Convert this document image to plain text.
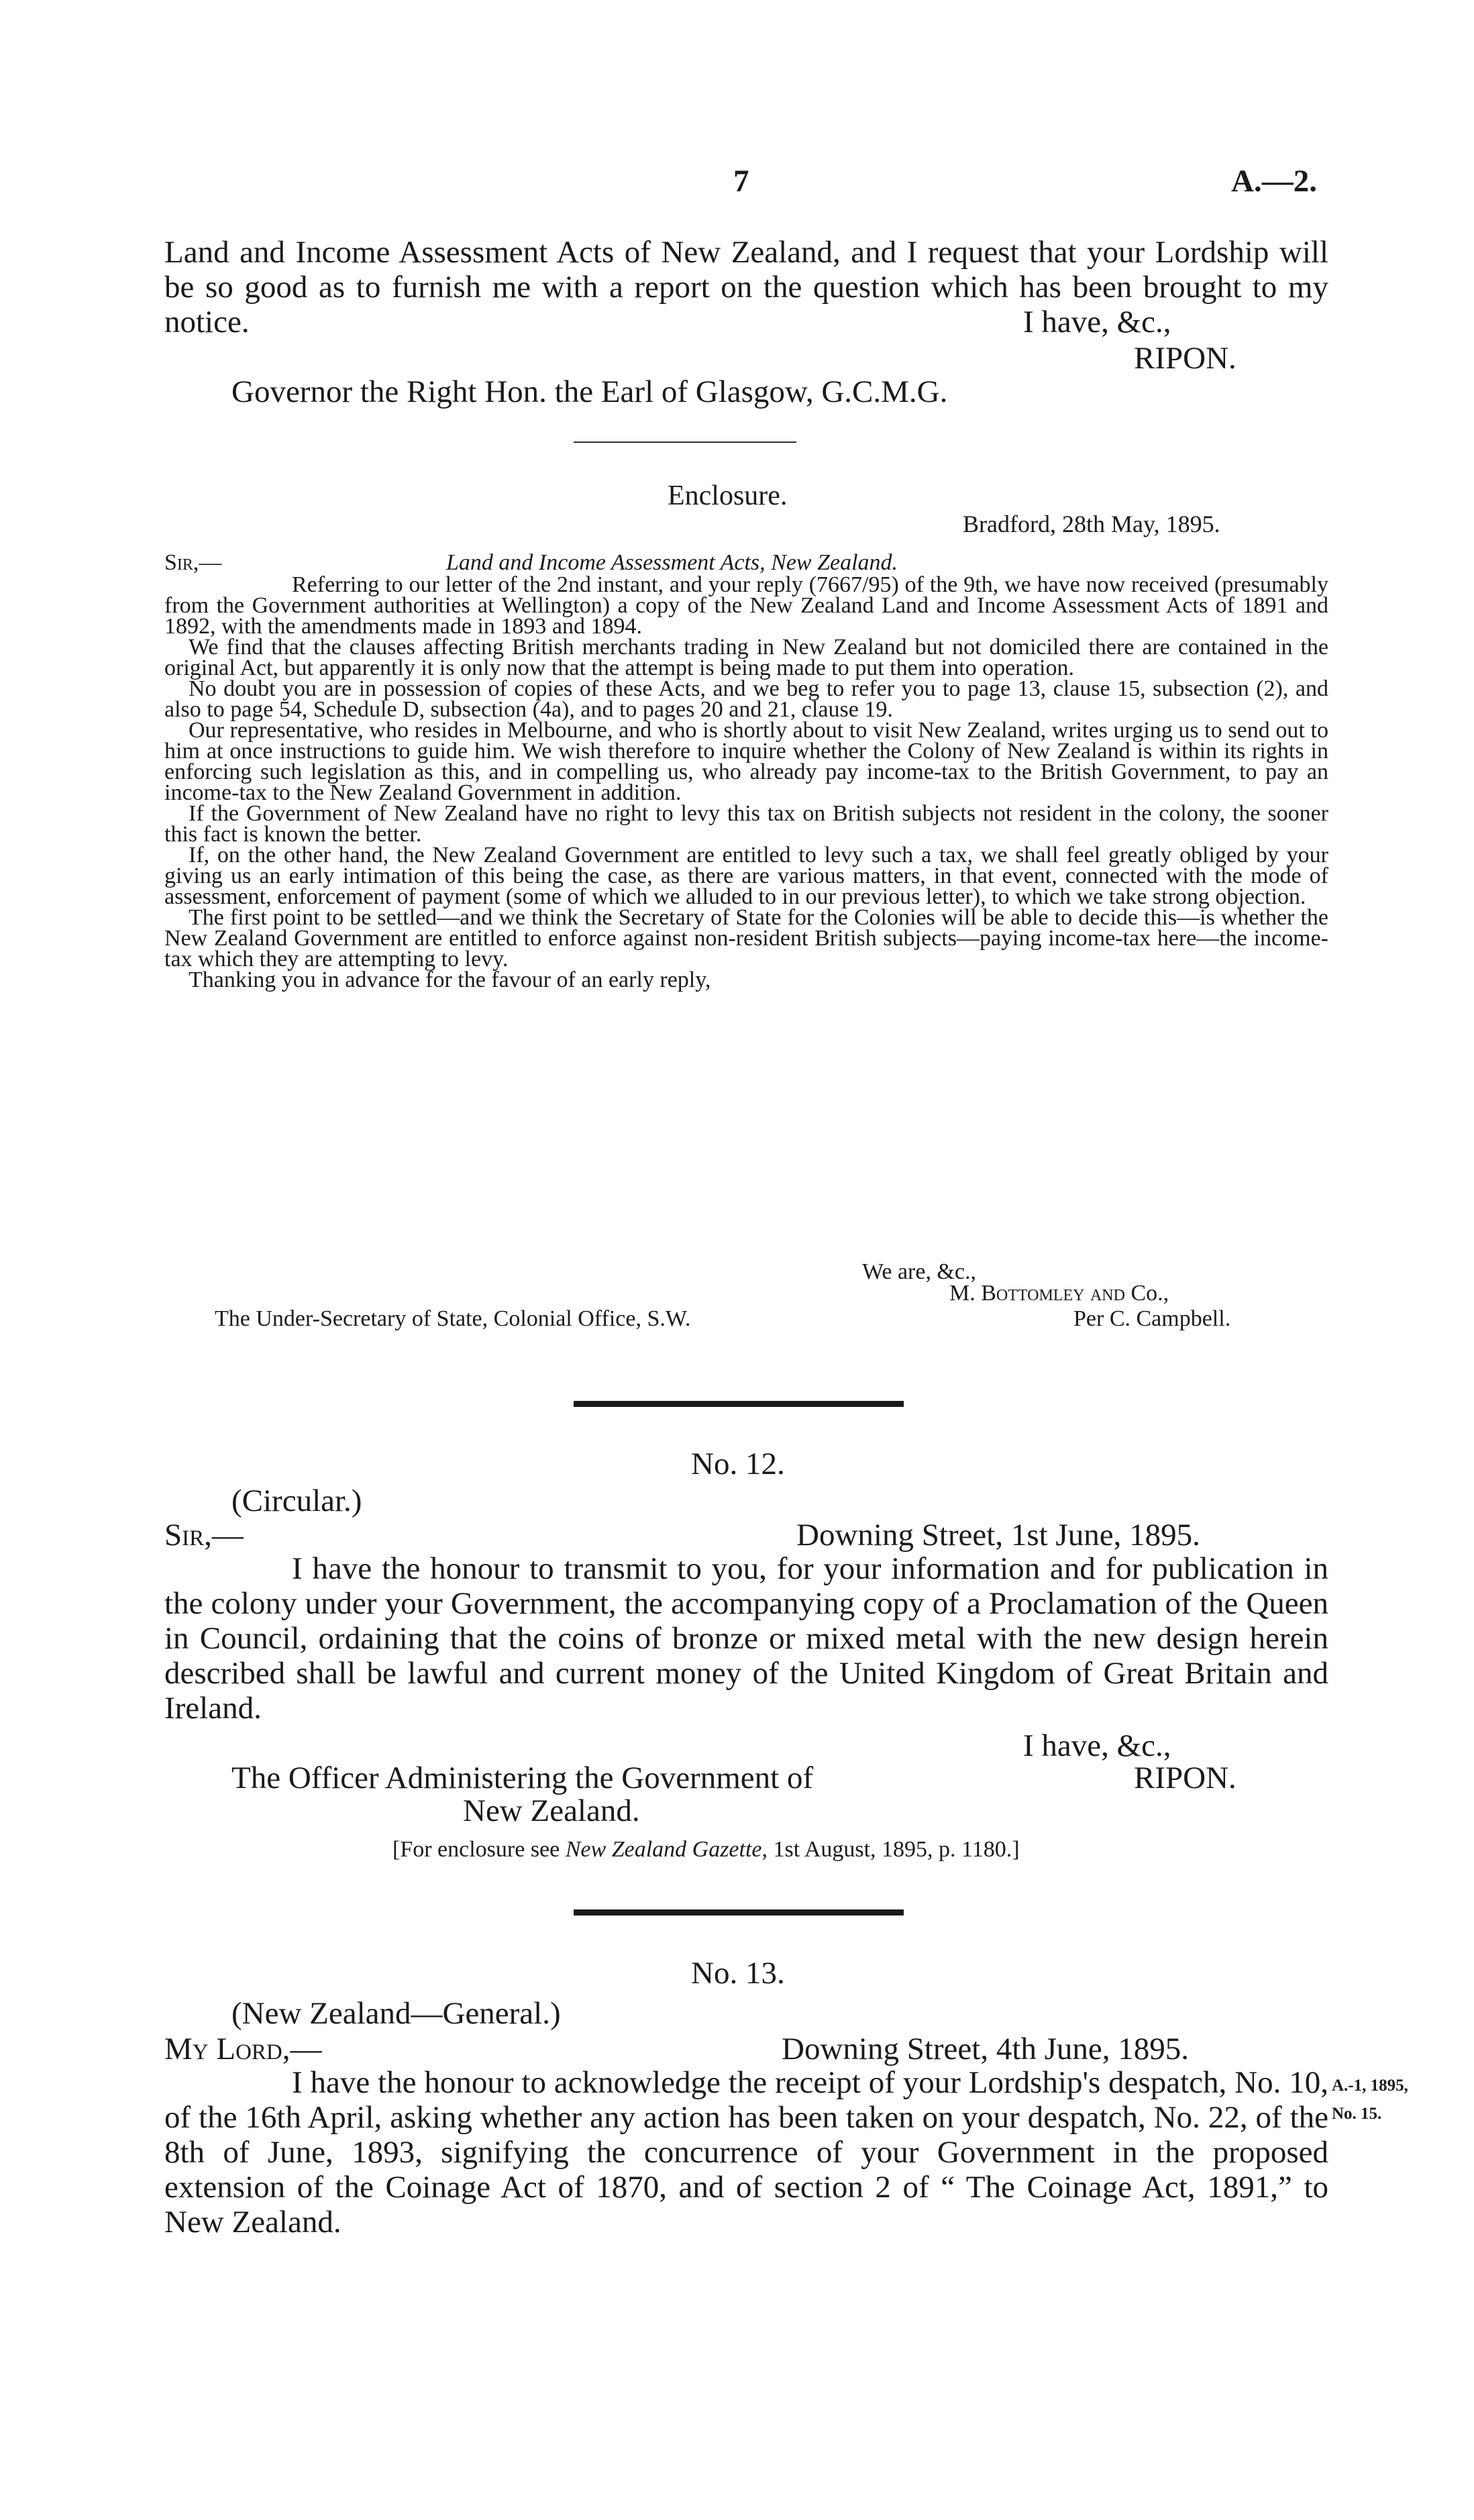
7	A.—2.

Land and Income Assessment Acts of New Zealand, and I request that your Lordship will be so good as to furnish me with a report on the question which has been brought to my notice.	I have, &c.,
RIPON.
Governor the Right Hon. the Earl of Glasgow, G.C.M.G.
Enclosure.
Bradford, 28th May, 1895.
Sir,—	Land and Income Assessment Acts, New Zealand.

Referring to our letter of the 2nd instant, and your reply (7667/95) of the 9th, we have now received (presumably from the Government authorities at Wellington) a copy of the New Zealand Land and Income Assessment Acts of 1891 and 1892, with the amendments made in 1893 and 1894.

We find that the clauses affecting British merchants trading in New Zealand but not domiciled there are contained in the original Act, but apparently it is only now that the attempt is being made to put them into operation.

No doubt you are in possession of copies of these Acts, and we beg to refer you to page 13, clause 15, subsection (2), and also to page 54, Schedule D, subsection (4a), and to pages 20 and 21, clause 19.

Our representative, who resides in Melbourne, and who is shortly about to visit New Zealand, writes urging us to send out to him at once instructions to guide him. We wish therefore to inquire whether the Colony of New Zealand is within its rights in enforcing such legislation as this, and in compelling us, who already pay income-tax to the British Government, to pay an income-tax to the New Zealand Government in addition.

If the Government of New Zealand have no right to levy this tax on British subjects not resident in the colony, the sooner this fact is known the better.

If, on the other hand, the New Zealand Government are entitled to levy such a tax, we shall feel greatly obliged by your giving us an early intimation of this being the case, as there are various matters, in that event, connected with the mode of assessment, enforcement of payment (some of which we alluded to in our previous letter), to which we take strong objection.

The first point to be settled—and we think the Secretary of State for the Colonies will be able to decide this—is whether the New Zealand Government are entitled to enforce against non-resident British subjects—paying income-tax here—the income-tax which they are attempting to levy.

Thanking you in advance for the favour of an early reply,

We are, &c.,
M. Bottomley and Co.,
The Under-Secretary of State, Colonial Office, S.W.	Per C. Campbell.
No. 12.
(Circular.)
Sir,—	Downing Street, 1st June, 1895.

I have the honour to transmit to you, for your information and for publication in the colony under your Government, the accompanying copy of a Proclamation of the Queen in Council, ordaining that the coins of bronze or mixed metal with the new design herein described shall be lawful and current money of the United Kingdom of Great Britain and Ireland.

I have, &c.,
The Officer Administering the Government of	RIPON.
New Zealand.
[For enclosure see New Zealand Gazette, 1st August, 1895, p. 1180.]
No. 13.
(New Zealand—General.)
My Lord,—	Downing Street, 4th June, 1895.

I have the honour to acknowledge the receipt of your Lordship's despatch, No. 10, of the 16th April, asking whether any action has been taken on your despatch, No. 22, of the 8th of June, 1893, signifying the concurrence of your Government in the proposed extension of the Coinage Act of 1870, and of section 2 of “ The Coinage Act, 1891,” to New Zealand.

A.-1, 1895,
No. 15.
